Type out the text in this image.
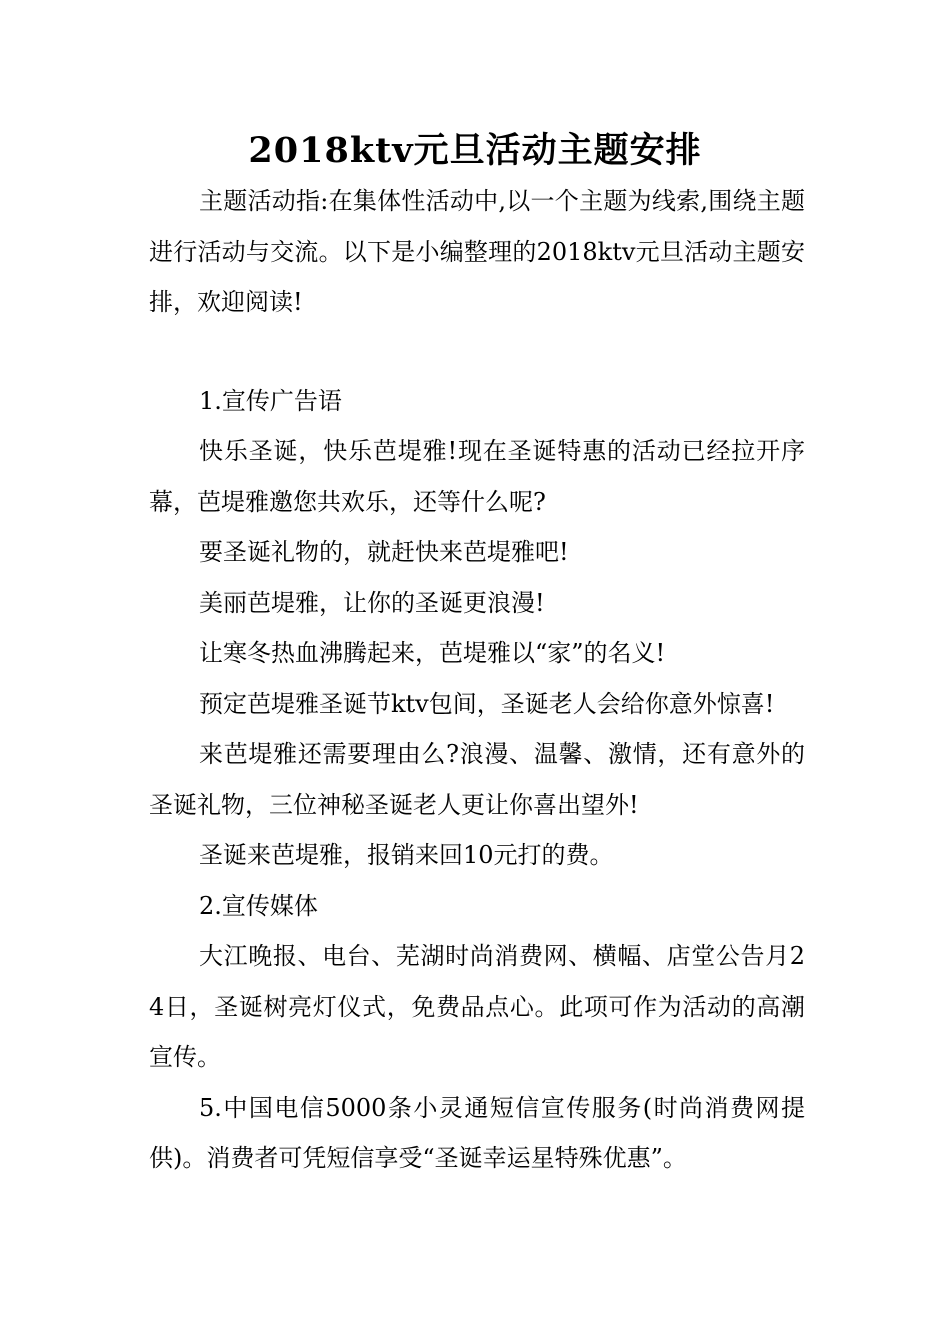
2018ktv元旦活动主题安排

主题活动指:在集体性活动中,以一个主题为线索,围绕主题进行活动与交流。以下是小编整理的2018ktv元旦活动主题安排，欢迎阅读!

1.宣传广告语

快乐圣诞，快乐芭堤雅!现在圣诞特惠的活动已经拉开序幕，芭堤雅邀您共欢乐，还等什么呢?

要圣诞礼物的，就赶快来芭堤雅吧!

美丽芭堤雅，让你的圣诞更浪漫!

让寒冬热血沸腾起来，芭堤雅以“家”的名义!

预定芭堤雅圣诞节ktv包间，圣诞老人会给你意外惊喜!

来芭堤雅还需要理由么?浪漫、温馨、激情，还有意外的圣诞礼物，三位神秘圣诞老人更让你喜出望外!

圣诞来芭堤雅，报销来回10元打的费。

2.宣传媒体

大江晚报、电台、芜湖时尚消费网、横幅、店堂公告月24日，圣诞树亮灯仪式，免费品点心。此项可作为活动的高潮宣传。

5.中国电信5000条小灵通短信宣传服务(时尚消费网提供)。消费者可凭短信享受“圣诞幸运星特殊优惠”。
